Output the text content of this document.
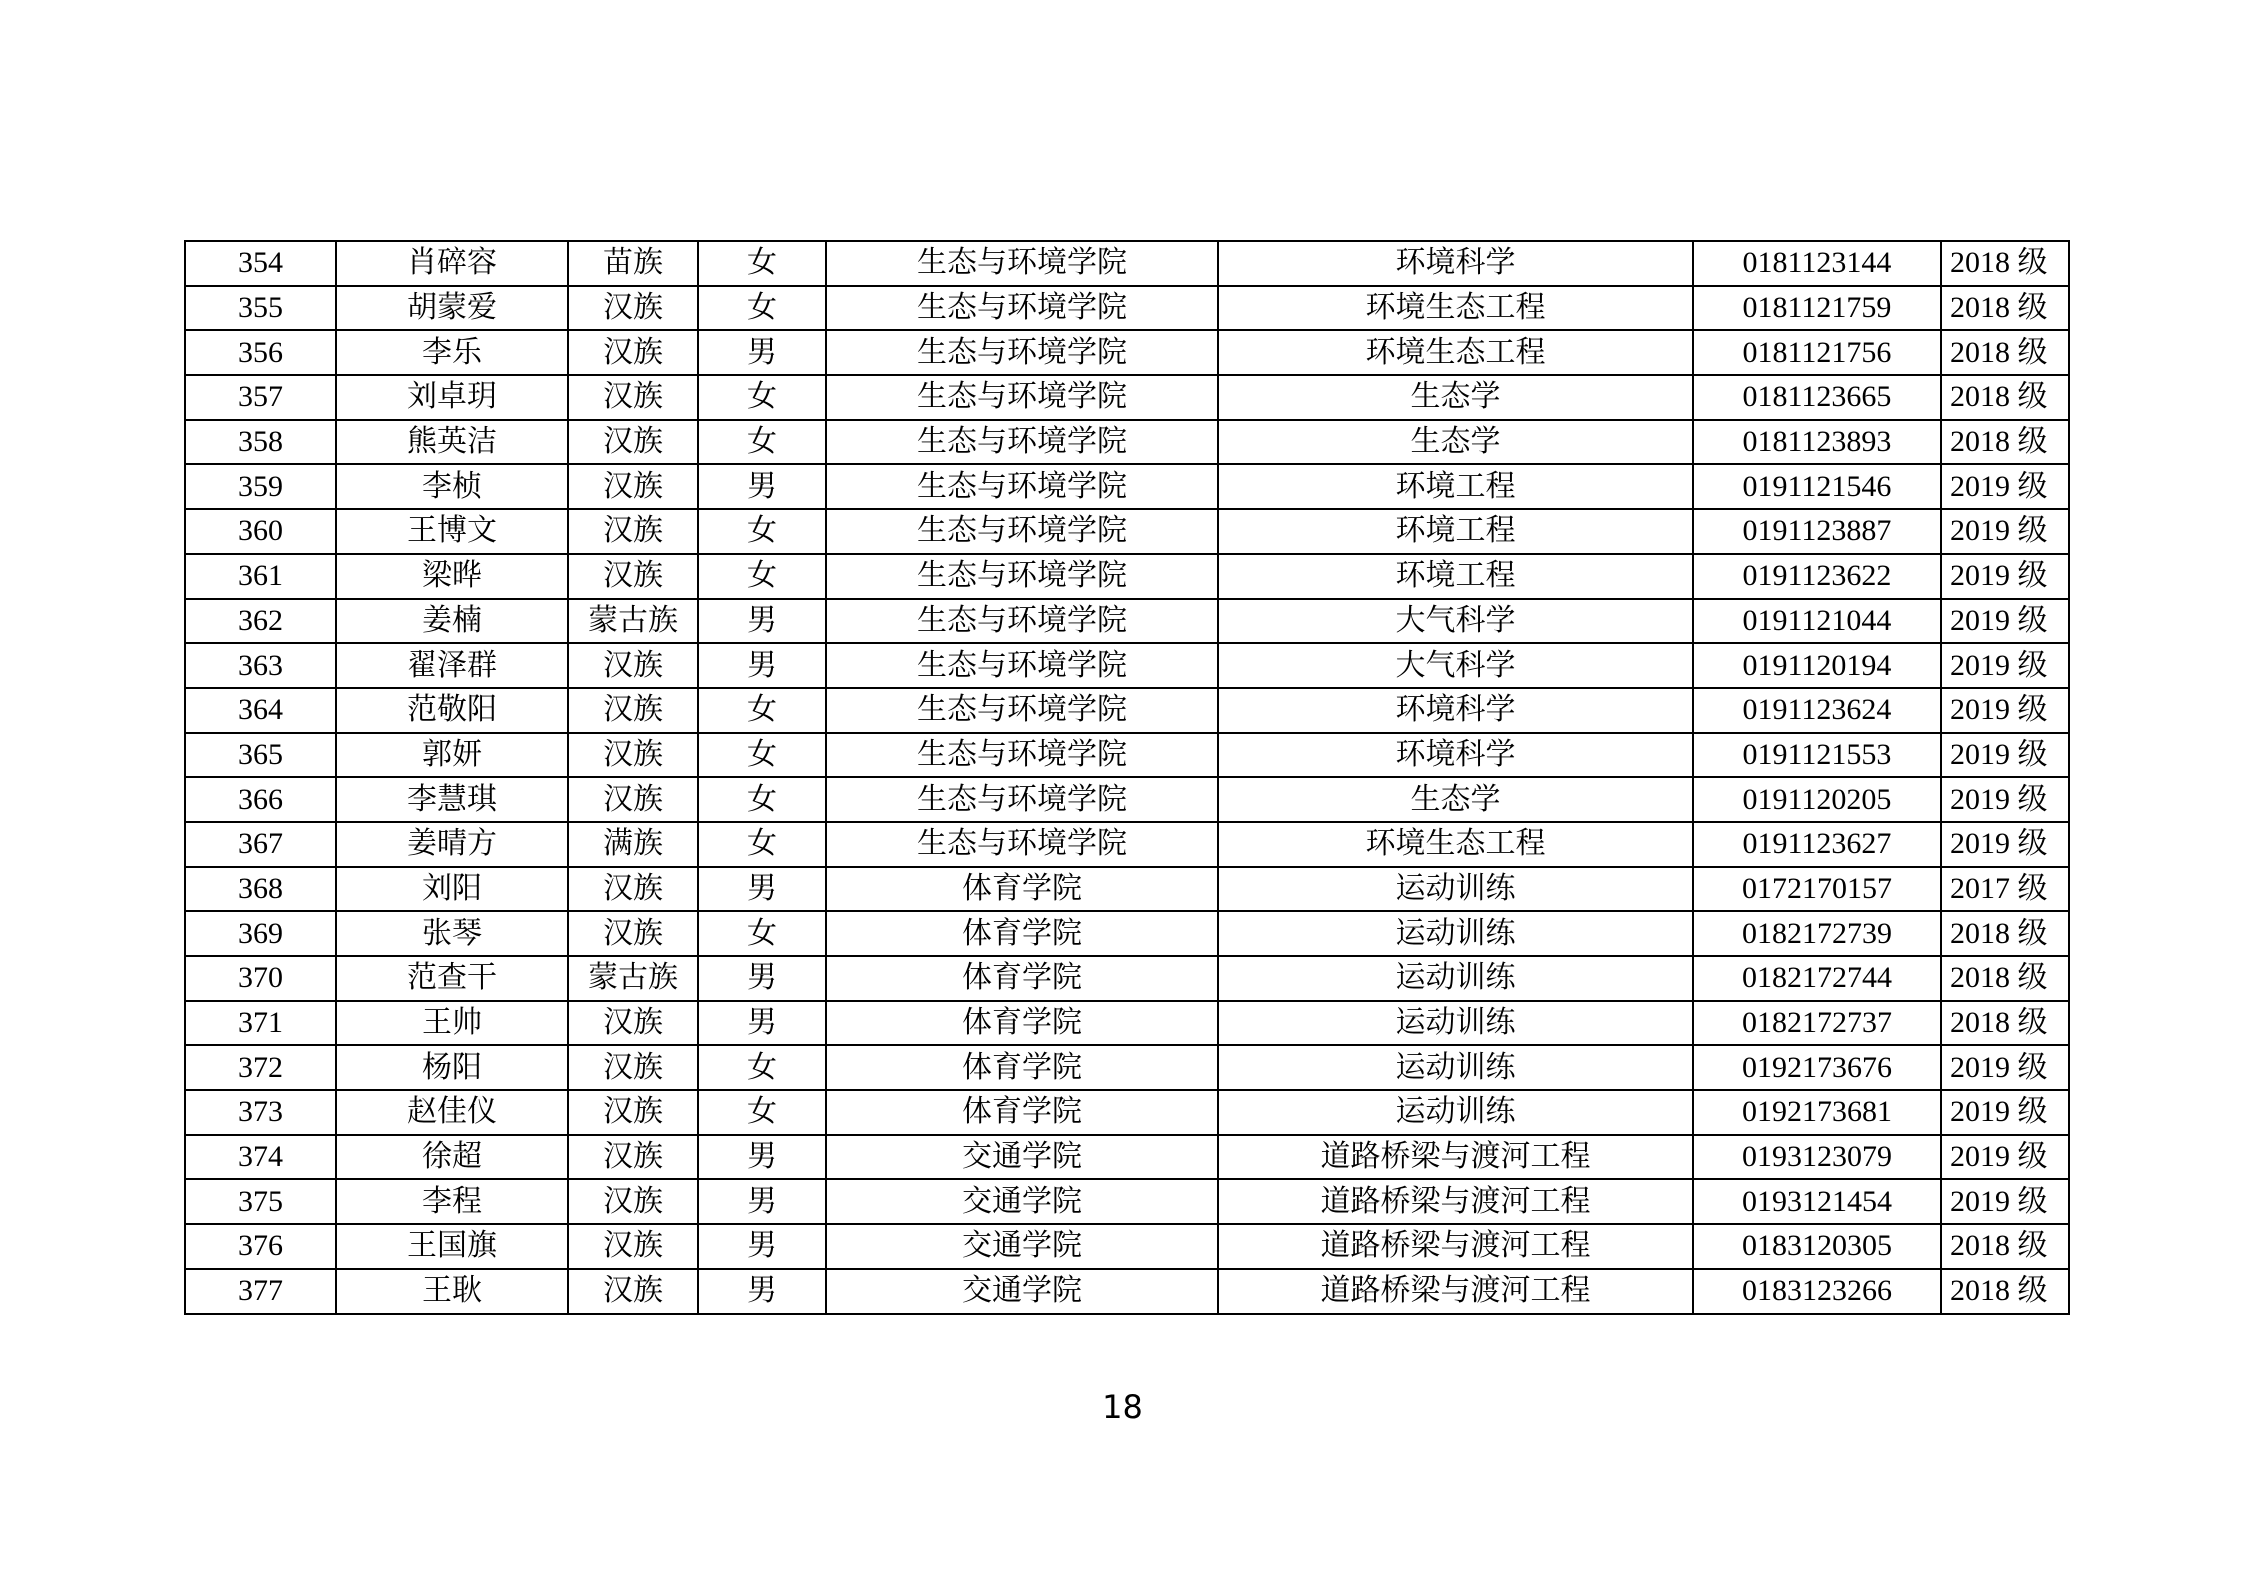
354	肖碎容	苗族	女	生态与环境学院	环境科学	0181123144	2018 级
355	胡蒙爱	汉族	女	生态与环境学院	环境生态工程	0181121759	2018 级
356	李乐	汉族	男	生态与环境学院	环境生态工程	0181121756	2018 级
357	刘卓玥	汉族	女	生态与环境学院	生态学	0181123665	2018 级
358	熊英洁	汉族	女	生态与环境学院	生态学	0181123893	2018 级
359	李桢	汉族	男	生态与环境学院	环境工程	0191121546	2019 级
360	王博文	汉族	女	生态与环境学院	环境工程	0191123887	2019 级
361	梁晔	汉族	女	生态与环境学院	环境工程	0191123622	2019 级
362	姜楠	蒙古族	男	生态与环境学院	大气科学	0191121044	2019 级
363	翟泽群	汉族	男	生态与环境学院	大气科学	0191120194	2019 级
364	范敬阳	汉族	女	生态与环境学院	环境科学	0191123624	2019 级
365	郭妍	汉族	女	生态与环境学院	环境科学	0191121553	2019 级
366	李慧琪	汉族	女	生态与环境学院	生态学	0191120205	2019 级
367	姜晴方	满族	女	生态与环境学院	环境生态工程	0191123627	2019 级
368	刘阳	汉族	男	体育学院	运动训练	0172170157	2017 级
369	张琴	汉族	女	体育学院	运动训练	0182172739	2018 级
370	范查干	蒙古族	男	体育学院	运动训练	0182172744	2018 级
371	王帅	汉族	男	体育学院	运动训练	0182172737	2018 级
372	杨阳	汉族	女	体育学院	运动训练	0192173676	2019 级
373	赵佳仪	汉族	女	体育学院	运动训练	0192173681	2019 级
374	徐超	汉族	男	交通学院	道路桥梁与渡河工程	0193123079	2019 级
375	李程	汉族	男	交通学院	道路桥梁与渡河工程	0193121454	2019 级
376	王国旗	汉族	男	交通学院	道路桥梁与渡河工程	0183120305	2018 级
377	王耿	汉族	男	交通学院	道路桥梁与渡河工程	0183123266	2018 级
18
